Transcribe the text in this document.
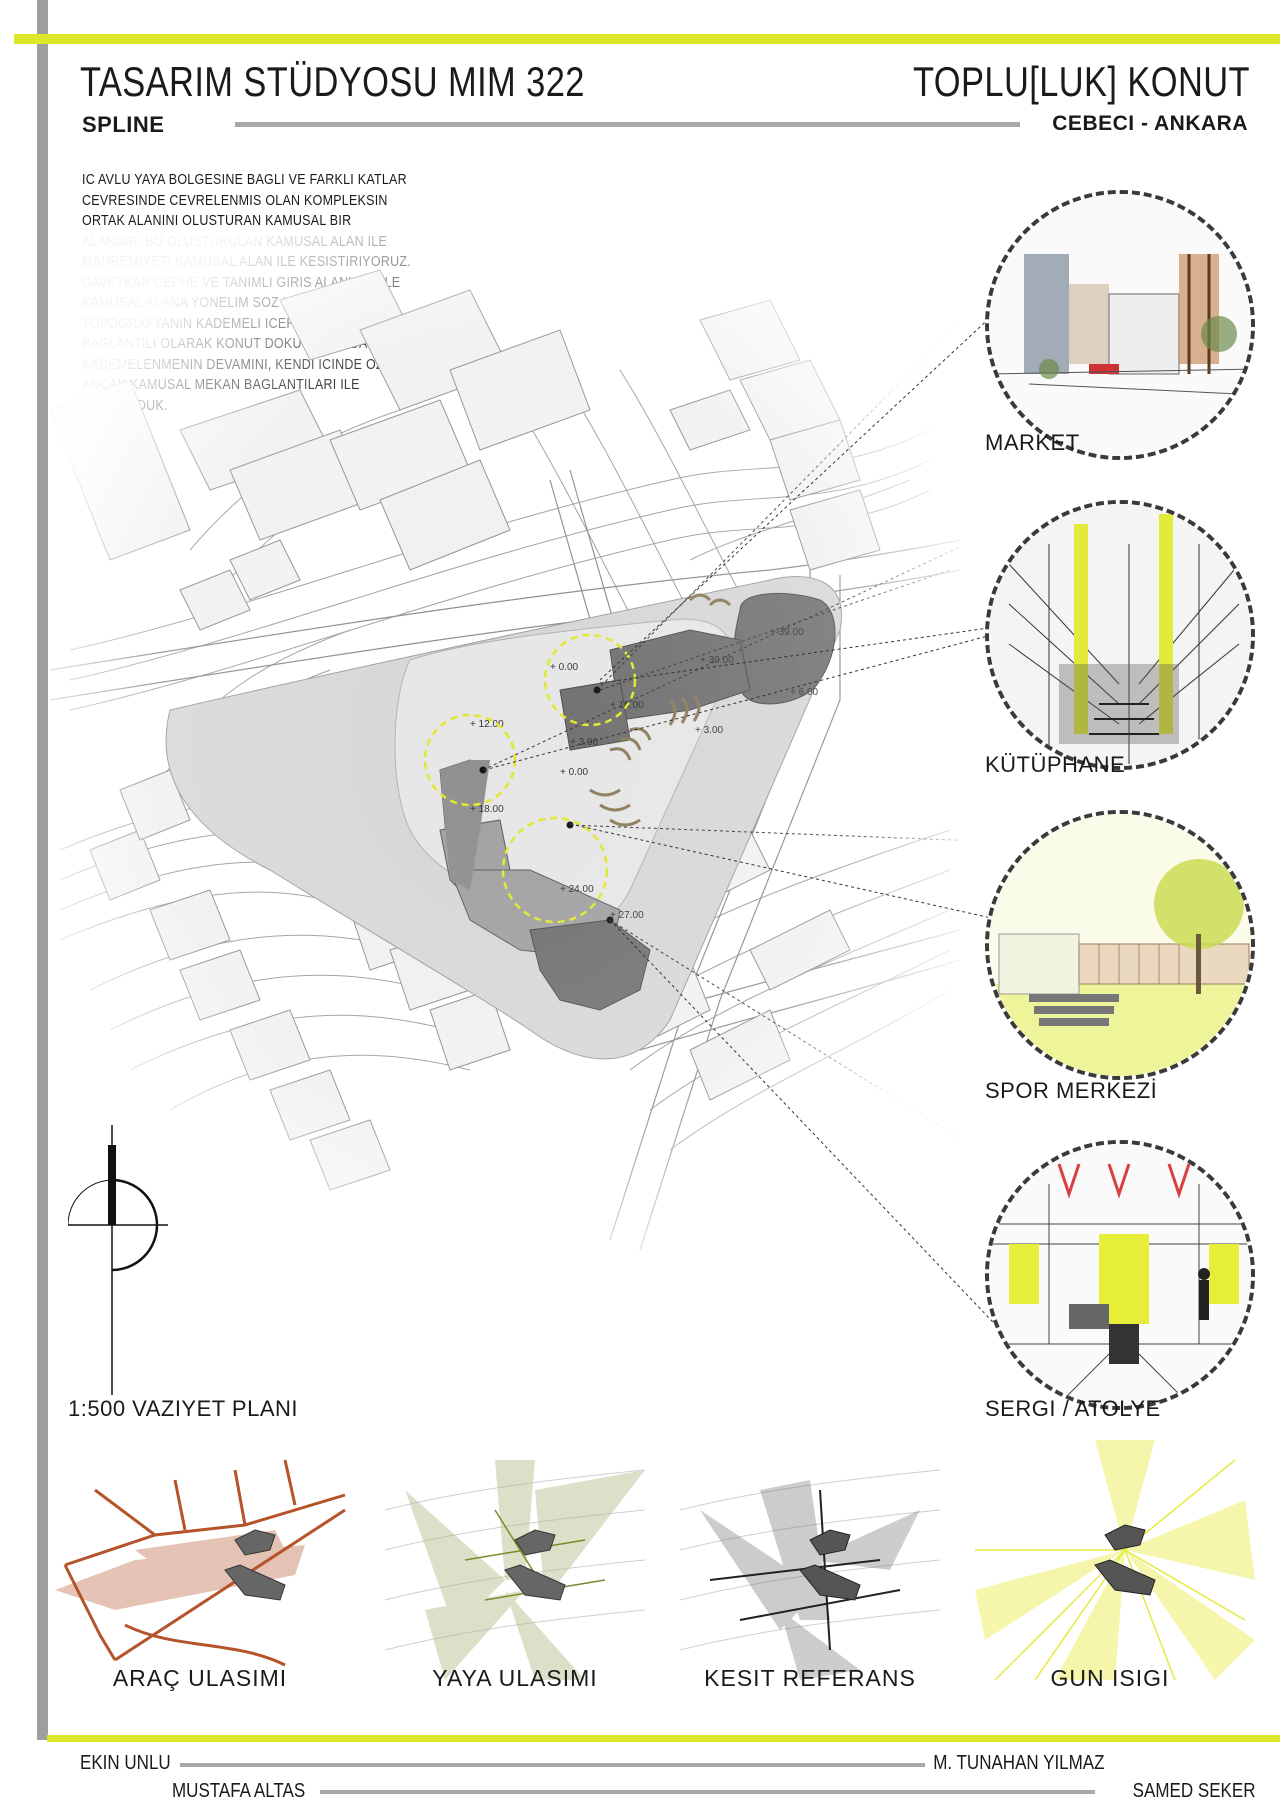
TASARIM STÜDYOSU MIM 322
SPLINE
TOPLU[LUK] KONUT
CEBECI - ANKARA
IC AVLU YAYA BOLGESINE BAGLI VE FARKLI KATLAR CEVRESINDE CEVRELENMIS OLAN KOMPLEKSIN ORTAK ALANINI OLUSTURAN KAMUSAL BIR
1:500 VAZIYET PLANI
MARKET
KÜTÜPHANE
SPOR MERKEZİ
SERGI / ATOLYE
ARAÇ ULASIMI	YAYA ULASIMI	KESIT REFERANS	GUN ISIGI
EKIN UNLU	M. TUNAHAN YILMAZ
MUSTAFA ALTAS	SAMED SEKER
